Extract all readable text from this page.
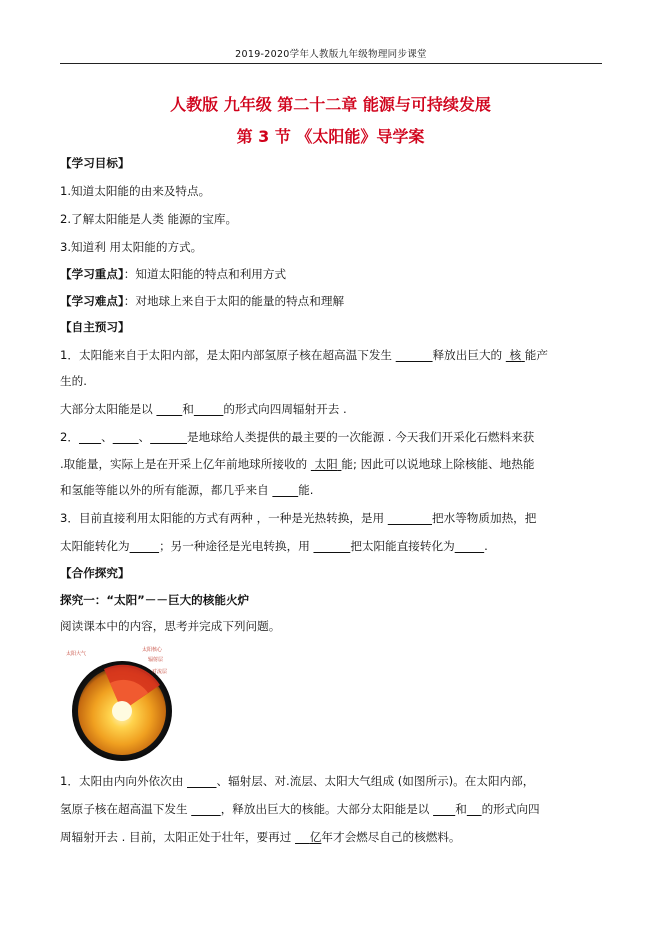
2019-2020学年人教版九年级物理同步课堂
人教版 九年级 第二十二章 能源与可持续发展
第 3 节 《太阳能》导学案
【学习目标】
1.知道太阳能的由来及特点。
2.了解太阳能是人类 能源的宝库。
3.知道利 用太阳能的方式。
【学习重点】：知道太阳能的特点和利用方式
【学习难点】：对地球上来自于太阳的能量的特点和理解
【自主预习】
1．太阳能来自于太阳内部，是太阳内部氢原子核在超高温下发生	释放出巨大的  核 能产
生的.
大部分太阳能是以        和	的形式向四周辐射开去 .
2． 、 、	是地球给人类提供的最主要的一次能源 . 今天我们开采化石燃料来获
.取能量，实际上是在开采上亿年前地球所接收的  太阳 能; 因此可以说地球上除核能、地热能
和氢能等能以外的所有能源，都几乎来自        能.
3．目前直接利用太阳能的方式有两种 ，一种是光热转换，是用	把水等物质加热，把
太阳能转化为	；另一种途径是光电转换，用	把太阳能直接转化为	.
【合作探究】
探究一：“太阳”－－巨大的核能火炉
阅读课本中的内容，思考并完成下列问题。
太阳大气
太阳核心
辐射层
对流层
1．太阳由内向外依次由	、辐射层、对.流层、太阳大气组成 (如图所示)。在太阳内部，
氢原子核在超高温下发生	，释放出巨大的核能。大部分太阳能是以       和 的形式向四
周辐射开去 . 目前，太阳正处于壮年，要再过     亿年才会燃尽自己的核燃料。
